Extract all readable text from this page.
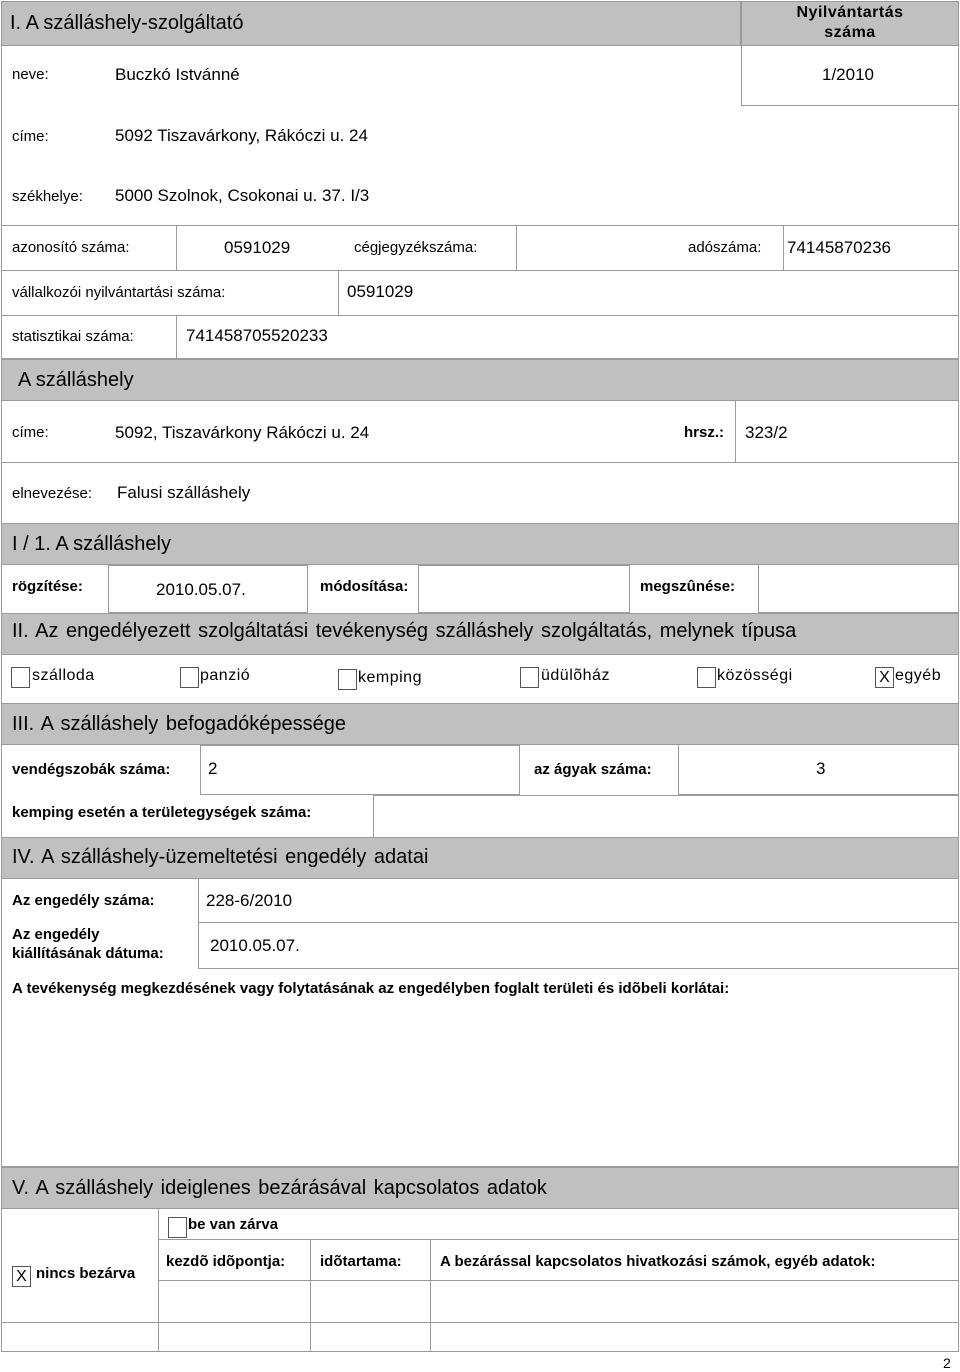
I. A szálláshely-szolgáltató	Nyilvántartás
száma
neve:	Buczkó Istvánné	1/2010
címe:	5092 Tiszavárkony, Rákóczi u. 24
székhelye: 5000 Szolnok, Csokonai u. 37. I/3
azonosító száma:	0591029	cégjegyzékszáma:	adószáma: 74145870236
vállalkozói nyilvántartási száma:	0591029
statisztikai száma:	741458705520233
A szálláshely
címe:	5092, Tiszavárkony Rákóczi u. 24	hrsz.: 323/2
elnevezése: Falusi szálláshely
I / 1. A szálláshely
rögzítése:	2010.05.07.	módosítása:	megszûnése:
II. Az engedélyezett szolgáltatási tevékenység szálláshely szolgáltatás, melynek típusa
szálloda	panzió	kemping	üdülõház	közösségi	X egyéb
III. A szálláshely befogadóképessége
vendégszobák száma: 2	az ágyak száma:	3
kemping esetén a területegységek száma:
IV. A szálláshely-üzemeltetési engedély adatai
Az engedély száma:	228-6/2010
Az engedély
kiállításának dátuma:	2010.05.07.
A tevékenység megkezdésének vagy folytatásának az engedélyben foglalt területi és idõbeli korlátai:
V. A szálláshely ideiglenes bezárásával kapcsolatos adatok
be van zárva
X nincs bezárva
kezdõ idõpontja: idõtartama:	A bezárással kapcsolatos hivatkozási számok, egyéb adatok:
2
